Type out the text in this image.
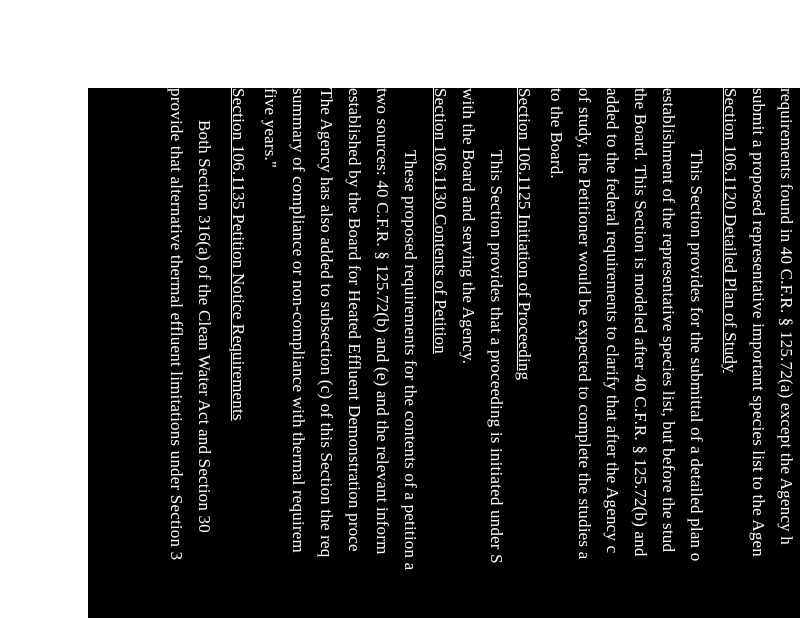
requirements found in 40 C.F.R. § 125.72(a) except the Agency h
submit a proposed representative important species list to the Agen
Section 106.1120 Detailed Plan of Study
This Section provides for the submittal of a detailed plan o
establishment of the representative species list, but before the stud
the Board. This Section is modeled after 40 C.F.R. § 125.72(b) and
added to the federal requirements to clarify that after the Agency c
of study, the Petitioner would be expected to complete the studies a
to the Board.
Section 106.1125 Initiation of Proceeding
This Section provides that a proceeding is initiated under S
with the Board and serving the Agency.
Section 106.1130 Contents of Petition
These proposed requirements for the contents of a petition a
two sources: 40 C.F.R. § 125.72(b) and (e) and the relevant inform
established by the Board for Heated Effluent Demonstration proce
The Agency has also added to subsection (c) of this Section the req
summary of compliance or non-compliance with thermal requirem
five years."
Section 106.1135 Petition Notice Requirements
Both Section 316(a) of the Clean Water Act and Section 30
provide that alternative thermal effluent limitations under Section 3
